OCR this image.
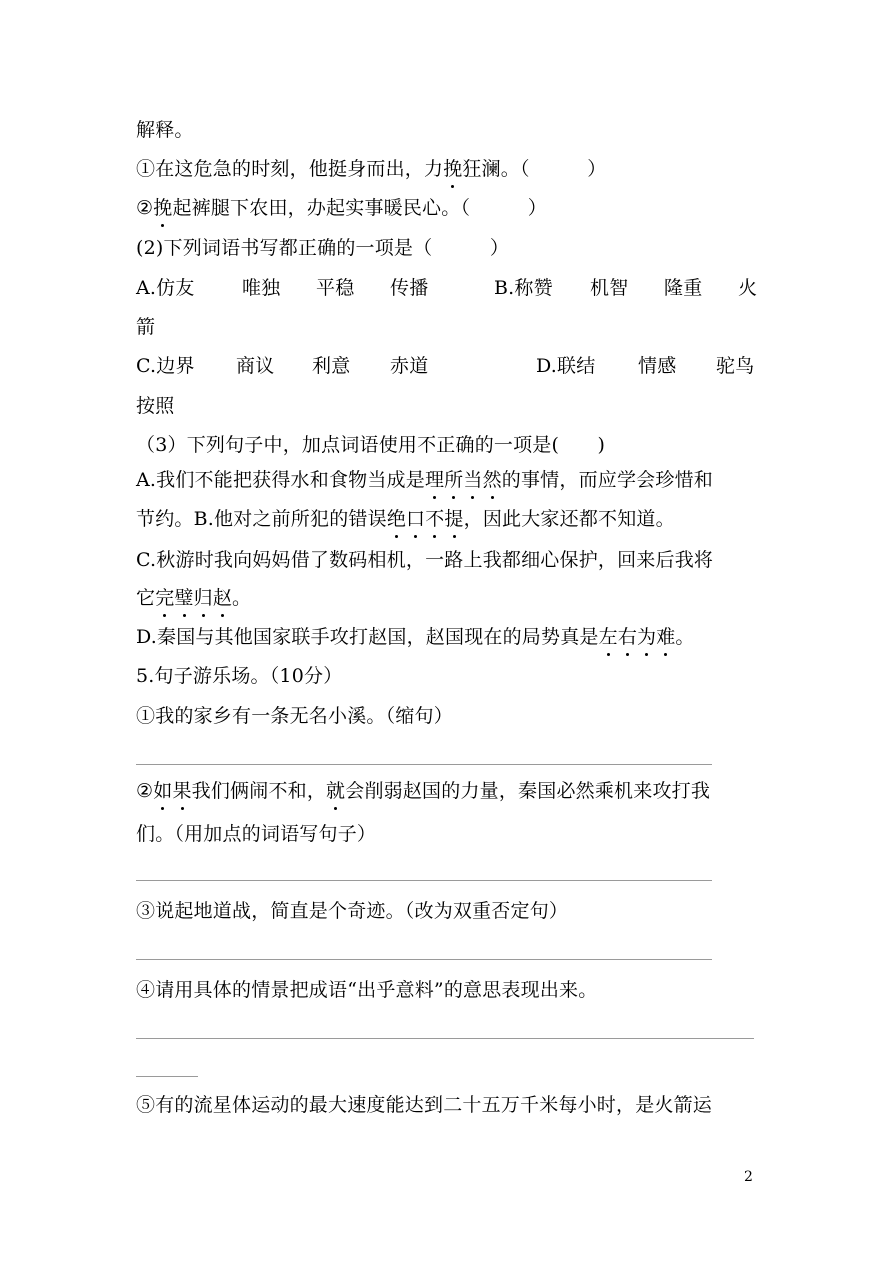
解释。
①在这危急的时刻，他挺身而出，力挽狂澜。（　　　）
②挽起裤腿下农田，办起实事暖民心。（　　　）
(2)下列词语书写都正确的一项是（　　　）
A.仿友 唯独 平稳 传播	B.称赞 机智 隆重 火
箭
C.边界 商议 利意 赤道	D.联结 情感 驼鸟
按照
（3）下列句子中，加点词语使用不正确的一项是(　　)
A.我们不能把获得水和食物当成是理所当然的事情，而应学会珍惜和
节约。B.他对之前所犯的错误绝口不提，因此大家还都不知道。
C.秋游时我向妈妈借了数码相机，一路上我都细心保护，回来后我将
它完璧归赵。
D.秦国与其他国家联手攻打赵国，赵国现在的局势真是左右为难。
5.句子游乐场。（10分）
①我的家乡有一条无名小溪。（缩句）
②如果我们俩闹不和，就会削弱赵国的力量，秦国必然乘机来攻打我
们。（用加点的词语写句子）
③说起地道战，简直是个奇迹。（改为双重否定句）
④请用具体的情景把成语“出乎意料”的意思表现出来。
⑤有的流星体运动的最大速度能达到二十五万千米每小时，是火箭运
2
